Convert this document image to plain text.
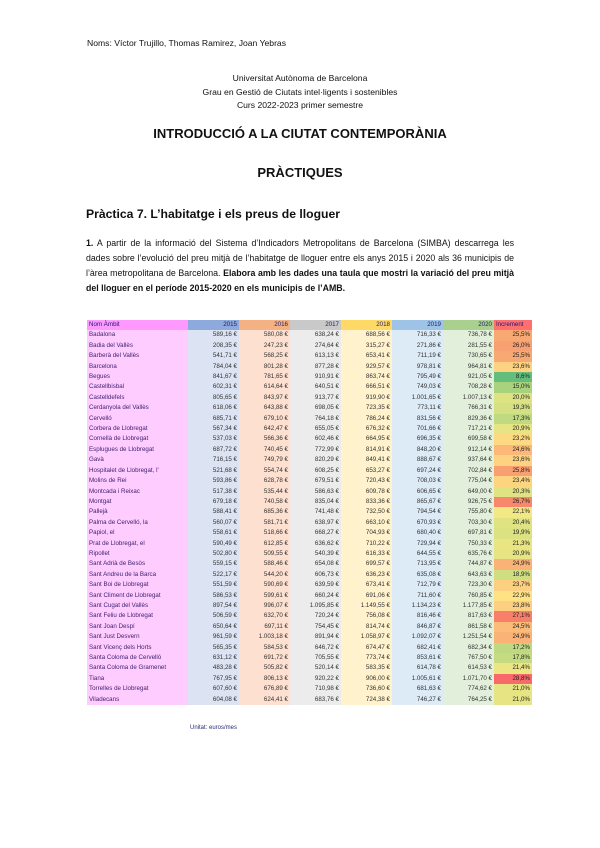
Noms: Víctor Trujillo, Thomas Ramirez, Joan Yebras
Universitat Autònoma de Barcelona
Grau en Gestió de Ciutats intel·ligents i sostenibles
Curs 2022-2023 primer semestre
INTRODUCCIÓ A LA CIUTAT CONTEMPORÀNIA
PRÀCTIQUES
Pràctica 7. L’habitatge i els preus de lloguer
1. A partir de la informació del Sistema d’Indicadors Metropolitans de Barcelona (SIMBA) descarrega les dades sobre l’evolució del preu mitjà de l’habitatge de lloguer entre els anys 2015 i 2020 als 36 municipis de l’àrea metropolitana de Barcelona. Elabora amb les dades una taula que mostri la variació del preu mitjà del lloguer en el període 2015-2020 en els municipis de l’AMB.
Nom Àmbit	2015	2016	2017	2018	2019	2020	Increment
Badalona	589,16 €	580,08 €	638,24 €	688,56 €	716,33 €	736,78 €	25,5%
Badia del Vallès	208,35 €	247,23 €	274,64 €	315,27 €	271,86 €	281,55 €	26,0%
Barberà del Vallès	541,71 €	568,25 €	613,13 €	653,41 €	711,19 €	730,65 €	25,5%
Barcelona	784,04 €	801,28 €	877,28 €	929,57 €	978,81 €	964,81 €	23,6%
Begues	841,67 €	781,65 €	910,91 €	863,74 €	795,49 €	921,05 €	8,6%
Castellbisbal	602,31 €	614,64 €	640,51 €	666,51 €	749,03 €	708,28 €	15,0%
Castelldefels	805,65 €	843,97 €	913,77 €	919,90 €	1.001,65 €	1.007,13 €	20,0%
Cerdanyola del Vallès	618,06 €	643,88 €	698,05 €	723,35 €	773,11 €	766,31 €	19,3%
Cervelló	685,71 €	679,10 €	764,18 €	786,24 €	831,56 €	829,36 €	17,3%
Corbera de Llobregat	567,34 €	642,47 €	655,05 €	676,32 €	701,66 €	717,21 €	20,9%
Cornellà de Llobregat	537,03 €	566,36 €	602,46 €	664,95 €	696,35 €	699,58 €	23,2%
Esplugues de Llobregat	687,72 €	740,45 €	772,99 €	814,91 €	848,20 €	912,14 €	24,6%
Gavà	716,15 €	749,79 €	820,29 €	849,41 €	888,67 €	937,64 €	23,6%
Hospitalet de Llobregat, l'	521,68 €	554,74 €	608,25 €	653,27 €	697,24 €	702,84 €	25,8%
Molins de Rei	593,86 €	628,78 €	679,51 €	720,43 €	708,03 €	775,04 €	23,4%
Montcada i Reixac	517,38 €	535,44 €	586,63 €	609,78 €	606,65 €	649,00 €	20,3%
Montgat	679,18 €	740,58 €	835,04 €	833,36 €	865,67 €	926,75 €	26,7%
Pallejà	588,41 €	685,36 €	741,48 €	732,50 €	794,54 €	755,80 €	22,1%
Palma de Cervelló, la	560,07 €	581,71 €	638,97 €	663,10 €	670,93 €	703,30 €	20,4%
Papiol, el	558,61 €	518,66 €	668,27 €	704,93 €	680,40 €	697,81 €	19,9%
Prat de Llobregat, el	590,49 €	612,85 €	636,62 €	710,22 €	729,94 €	750,33 €	21,3%
Ripollet	502,80 €	509,55 €	540,39 €	616,33 €	644,55 €	635,76 €	20,9%
Sant Adrià de Besòs	559,15 €	588,46 €	654,08 €	699,57 €	713,95 €	744,87 €	24,9%
Sant Andreu de la Barca	522,17 €	544,20 €	606,73 €	636,23 €	635,08 €	643,63 €	18,9%
Sant Boi de Llobregat	551,59 €	590,69 €	639,59 €	673,41 €	712,79 €	723,30 €	23,7%
Sant Climent de Llobregat	586,53 €	599,61 €	660,24 €	691,06 €	711,60 €	760,85 €	22,9%
Sant Cugat del Vallès	897,54 €	996,07 €	1.095,85 €	1.149,55 €	1.134,23 €	1.177,85 €	23,8%
Sant Feliu de Llobregat	506,59 €	632,70 €	720,24 €	756,08 €	816,46 €	817,63 €	27,1%
Sant Joan Despí	650,64 €	697,11 €	754,45 €	814,74 €	846,87 €	861,58 €	24,5%
Sant Just Desvern	961,59 €	1.003,18 €	891,94 €	1.058,97 €	1.092,07 €	1.251,54 €	24,9%
Sant Vicenç dels Horts	565,35 €	584,53 €	646,72 €	674,47 €	682,41 €	682,34 €	17,2%
Santa Coloma de Cervelló	631,12 €	691,72 €	705,55 €	773,74 €	853,61 €	767,50 €	17,8%
Santa Coloma de Gramenet	483,28 €	505,82 €	520,14 €	583,35 €	614,78 €	614,53 €	21,4%
Tiana	767,95 €	806,13 €	920,22 €	906,00 €	1.005,61 €	1.071,70 €	28,8%
Torrelles de Llobregat	607,60 €	676,89 €	710,98 €	736,60 €	681,63 €	774,62 €	21,0%
Viladecans	604,08 €	624,41 €	683,76 €	724,38 €	746,27 €	764,25 €	21,0%
Unitat: euros/mes
